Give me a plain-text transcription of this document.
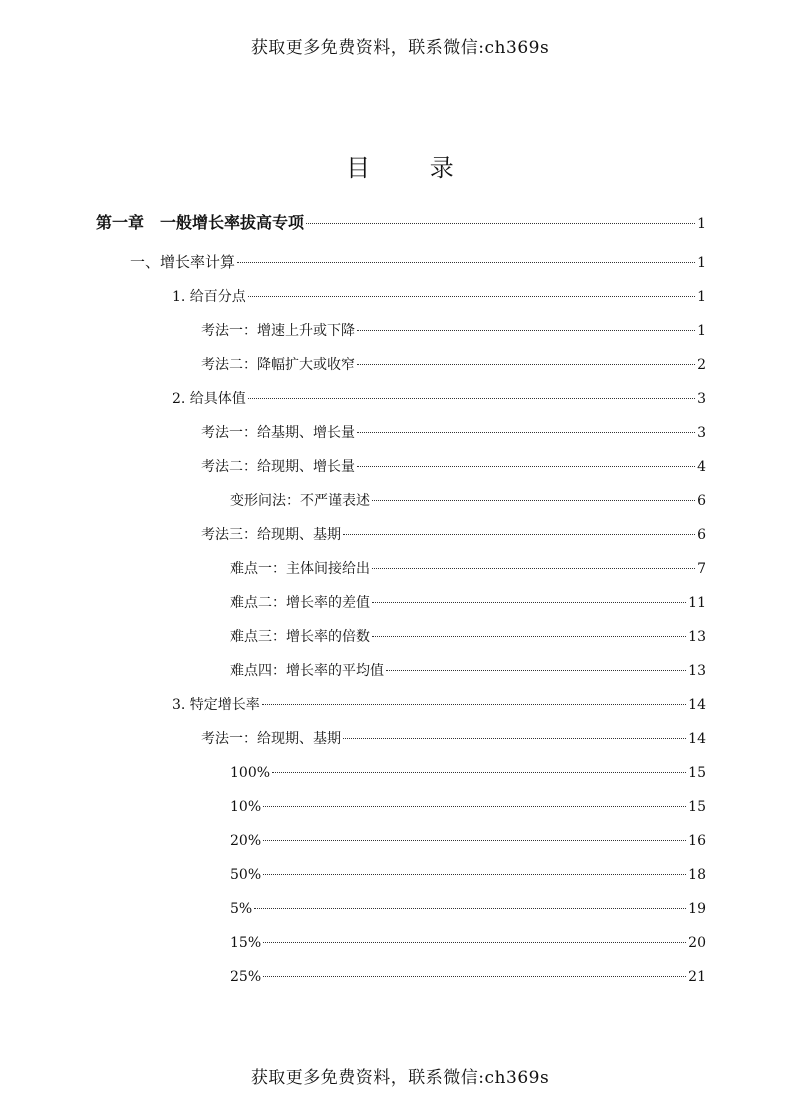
获取更多免费资料，联系微信:ch369s
目 录
第一章　一般增长率拔高专项	1
一、增长率计算	1
1. 给百分点	1
考法一：增速上升或下降	1
考法二：降幅扩大或收窄	2
2. 给具体值	3
考法一：给基期、增长量	3
考法二：给现期、增长量	4
变形问法：不严谨表述	6
考法三：给现期、基期	6
难点一：主体间接给出	7
难点二：增长率的差值	11
难点三：增长率的倍数	13
难点四：增长率的平均值	13
3. 特定增长率	14
考法一：给现期、基期	14
100%	15
10%	15
20%	16
50%	18
5%	19
15%	20
25%	21
获取更多免费资料，联系微信:ch369s
